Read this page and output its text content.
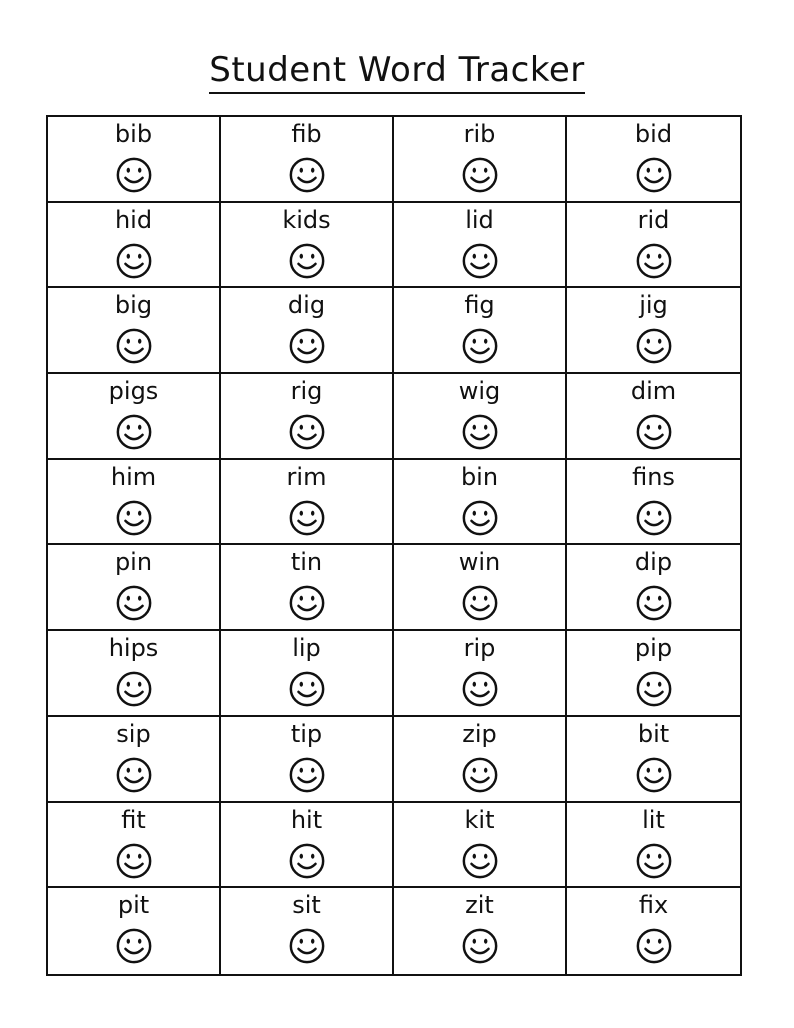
Student Word Tracker
bib	fib	rib	bid
hid	kids	lid	rid
big	dig	fig	jig
pigs	rig	wig	dim
him	rim	bin	fins
pin	tin	win	dip
hips	lip	rip	pip
sip	tip	zip	bit
fit	hit	kit	lit
pit	sit	zit	fix
